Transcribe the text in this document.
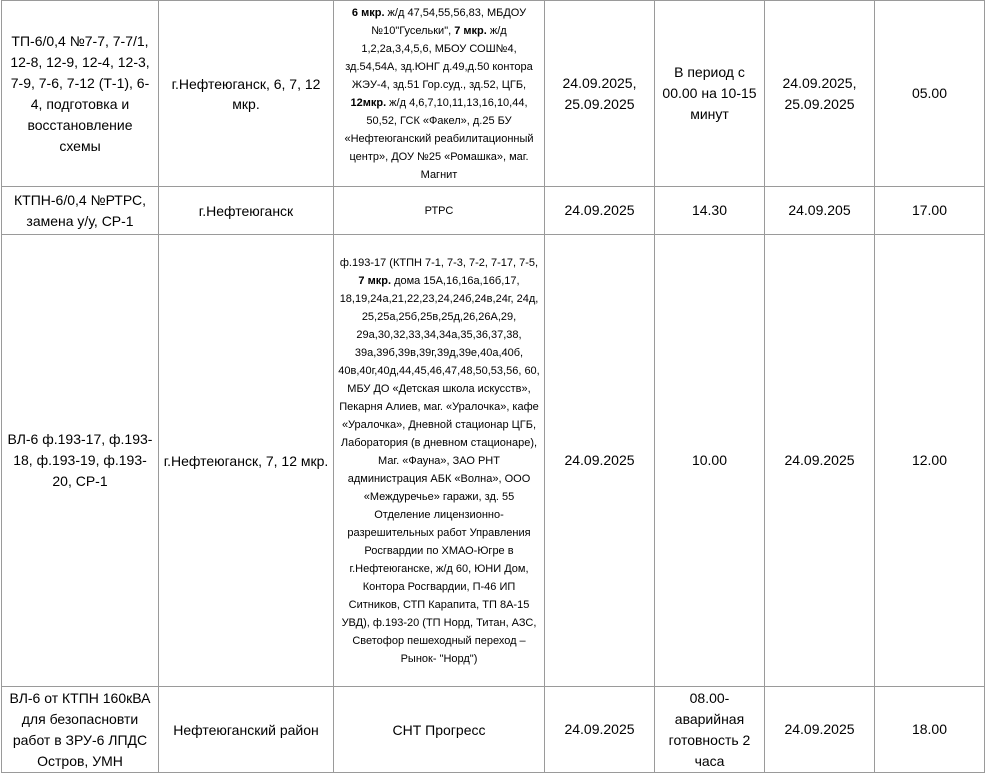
ТП-6/0,4 №7-7, 7-7/1, 12-8, 12-9, 12-4, 12-3, 7-9, 7-6, 7-12 (Т-1), 6-4, подготовка и восстановление схемы	г.Нефтеюганск, 6, 7, 12 мкр.	6 мкр. ж/д 47,54,55,56,83, МБДОУ №10"Гусельки", 7 мкр. ж/д 1,2,2а,3,4,5,6, МБОУ СОШ№4, зд.54,54А, зд.ЮНГ д.49,д.50 контора ЖЭУ-4, зд.51 Гор.суд., зд.52, ЦГБ, 12мкр. ж/д 4,6,7,10,11,13,16,10,44, 50,52, ГСК «Факел», д.25 БУ «Нефтеюганский реабилитационный центр», ДОУ №25 «Ромашка», маг. Магнит	24.09.2025, 25.09.2025	В период с 00.00 на 10-15 минут	24.09.2025, 25.09.2025	05.00
КТПН-6/0,4 №РТРС, замена у/у, СР-1	г.Нефтеюганск	РТРС	24.09.2025	14.30	24.09.205	17.00
ВЛ-6 ф.193-17, ф.193-18, ф.193-19, ф.193-20, СР-1	г.Нефтеюганск, 7, 12 мкр.	ф.193-17 (КТПН 7-1, 7-3, 7-2, 7-17, 7-5, 7 мкр. дома 15А,16,16а,16б,17, 18,19,24а,21,22,23,24,24б,24в,24г, 24д, 25,25а,25б,25в,25д,26,26А,29, 29а,30,32,33,34,34а,35,36,37,38, 39а,39б,39в,39г,39д,39е,40а,40б, 40в,40г,40д,44,45,46,47,48,50,53,56, 60, МБУ ДО «Детская школа искусств», Пекарня Алиев, маг. «Уралочка», кафе «Уралочка», Дневной стационар ЦГБ, Лаборатория (в дневном стационаре), Маг. «Фауна», ЗАО РНТ администрация АБК «Волна», ООО «Междуречье» гаражи, зд. 55 Отделение лицензионно-разрешительных работ Управления Росгвардии по ХМАО-Югре в г.Нефтеюганске, ж/д 60, ЮНИ Дом, Контора Росгвардии, П-46 ИП Ситников, СТП Карапита, ТП 8А-15 УВД), ф.193-20 (ТП Норд, Титан, АЗС, Светофор пешеходный переход – Рынок- "Норд")	24.09.2025	10.00	24.09.2025	12.00
ВЛ-6 от КТПН 160кВА для безопасновти работ в ЗРУ-6 ЛПДС Остров, УМН	Нефтеюганский район	СНТ Прогресс	24.09.2025	08.00- аварийная готовность 2 часа	24.09.2025	18.00
